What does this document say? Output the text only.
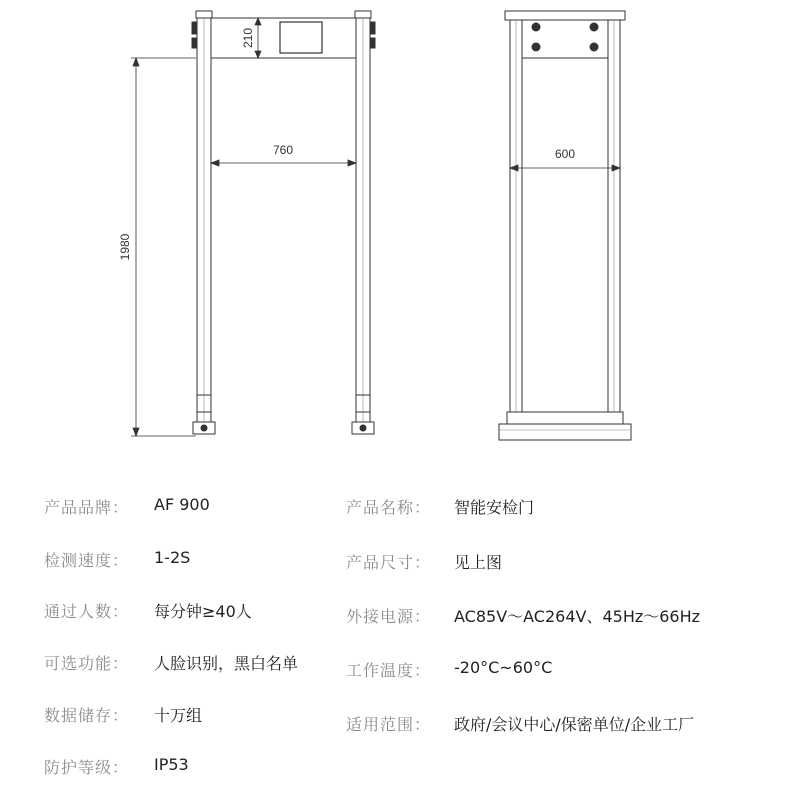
210
760
1980
600
产品品牌： AF 900
检测速度： 1-2S
通过人数： 每分钟≥40人
可选功能： 人脸识别，黑白名单
数据储存： 十万组
防护等级： IP53
产品名称： 智能安检门
产品尺寸： 见上图
外接电源： AC85V～AC264V、45Hz～66Hz
工作温度： -20°C~60°C
适用范围： 政府/会议中心/保密单位/企业工厂
